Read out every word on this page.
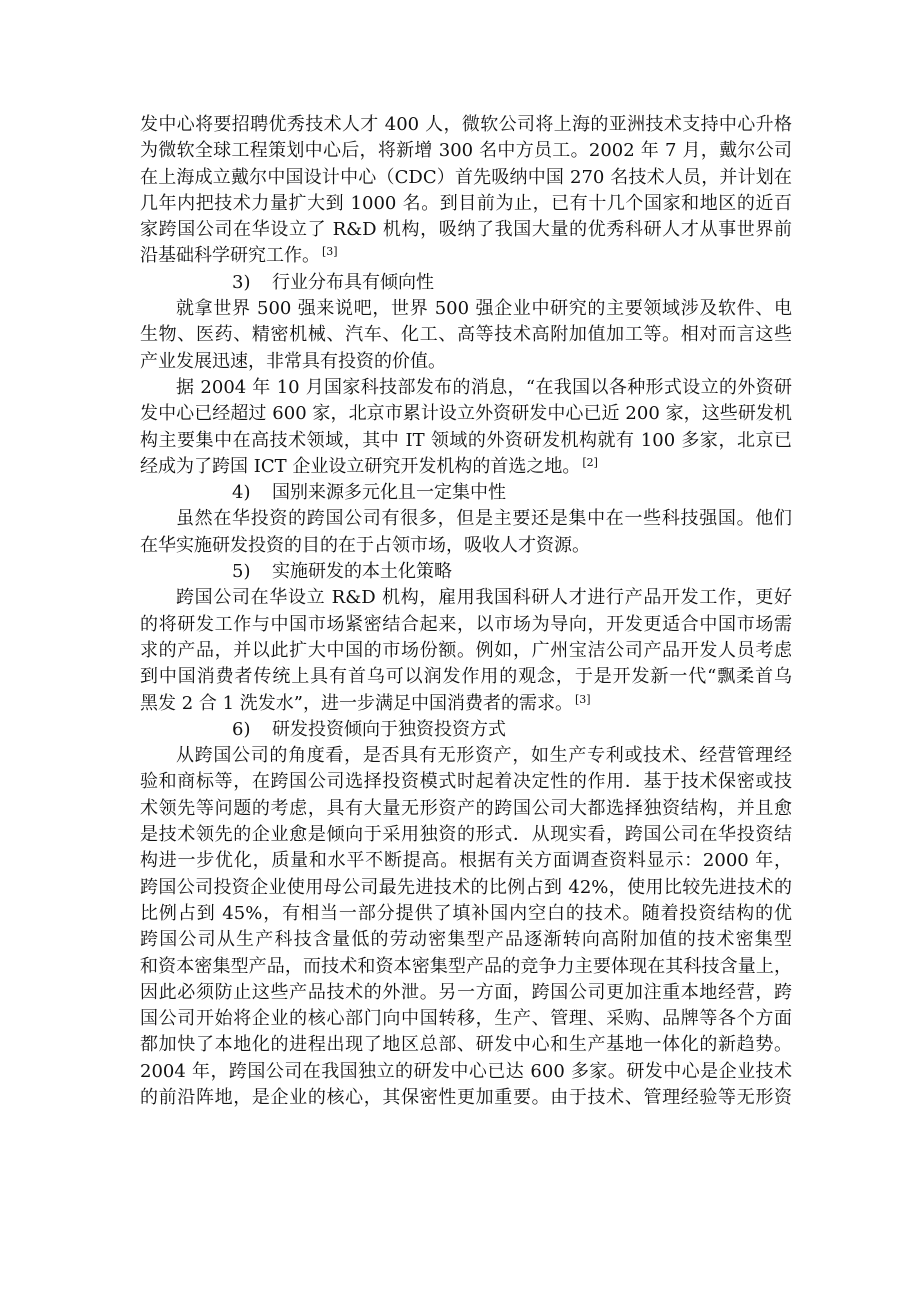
发中心将要招聘优秀技术人才 400 人，微软公司将上海的亚洲技术支持中心升格
为微软全球工程策划中心后，将新增 300 名中方员工。2002 年 7 月，戴尔公司
在上海成立戴尔中国设计中心（CDC）首先吸纳中国 270 名技术人员，并计划在
几年内把技术力量扩大到 1000 名。到目前为止，已有十几个国家和地区的近百
家跨国公司在华设立了 R&D 机构，吸纳了我国大量的优秀科研人才从事世界前
沿基础科学研究工作。 [3]
3) 行业分布具有倾向性
就拿世界 500 强来说吧，世界 500 强企业中研究的主要领域涉及软件、电
生物、医药、精密机械、汽车、化工、高等技术高附加值加工等。相对而言这些
产业发展迅速，非常具有投资的价值。
据 2004 年 10 月国家科技部发布的消息，“在我国以各种形式设立的外资研
发中心已经超过 600 家，北京市累计设立外资研发中心已近 200 家，这些研发机
构主要集中在高技术领域，其中 IT 领域的外资研发机构就有 100 多家，北京已
经成为了跨国 ICT 企业设立研究开发机构的首选之地。 [2]
4) 国别来源多元化且一定集中性
虽然在华投资的跨国公司有很多，但是主要还是集中在一些科技强国。他们
在华实施研发投资的目的在于占领市场，吸收人才资源。
5) 实施研发的本土化策略
跨国公司在华设立 R&D 机构，雇用我国科研人才进行产品开发工作，更好
的将研发工作与中国市场紧密结合起来，以市场为导向，开发更适合中国市场需
求的产品，并以此扩大中国的市场份额。例如，广州宝洁公司产品开发人员考虑
到中国消费者传统上具有首乌可以润发作用的观念，于是开发新一代“飘柔首乌
黑发 2 合 1 洗发水”，进一步满足中国消费者的需求。 [3]
6) 研发投资倾向于独资投资方式
从跨国公司的角度看，是否具有无形资产，如生产专利或技术、经营管理经
验和商标等，在跨国公司选择投资模式时起着决定性的作用．基于技术保密或技
术领先等问题的考虑，具有大量无形资产的跨国公司大都选择独资结构，并且愈
是技术领先的企业愈是倾向于采用独资的形式．从现实看，跨国公司在华投资结
构进一步优化，质量和水平不断提高。根据有关方面调查资料显示：2000 年，
跨国公司投资企业使用母公司最先进技术的比例占到 42%，使用比较先进技术的
比例占到 45%，有相当一部分提供了填补国内空白的技术。随着投资结构的优
跨国公司从生产科技含量低的劳动密集型产品逐渐转向高附加值的技术密集型
和资本密集型产品，而技术和资本密集型产品的竞争力主要体现在其科技含量上，
因此必须防止这些产品技术的外泄。另一方面，跨国公司更加注重本地经营，跨
国公司开始将企业的核心部门向中国转移，生产、管理、采购、品牌等各个方面
都加快了本地化的进程出现了地区总部、研发中心和生产基地一体化的新趋势。
2004 年，跨国公司在我国独立的研发中心已达 600 多家。研发中心是企业技术
的前沿阵地，是企业的核心，其保密性更加重要。由于技术、管理经验等无形资
